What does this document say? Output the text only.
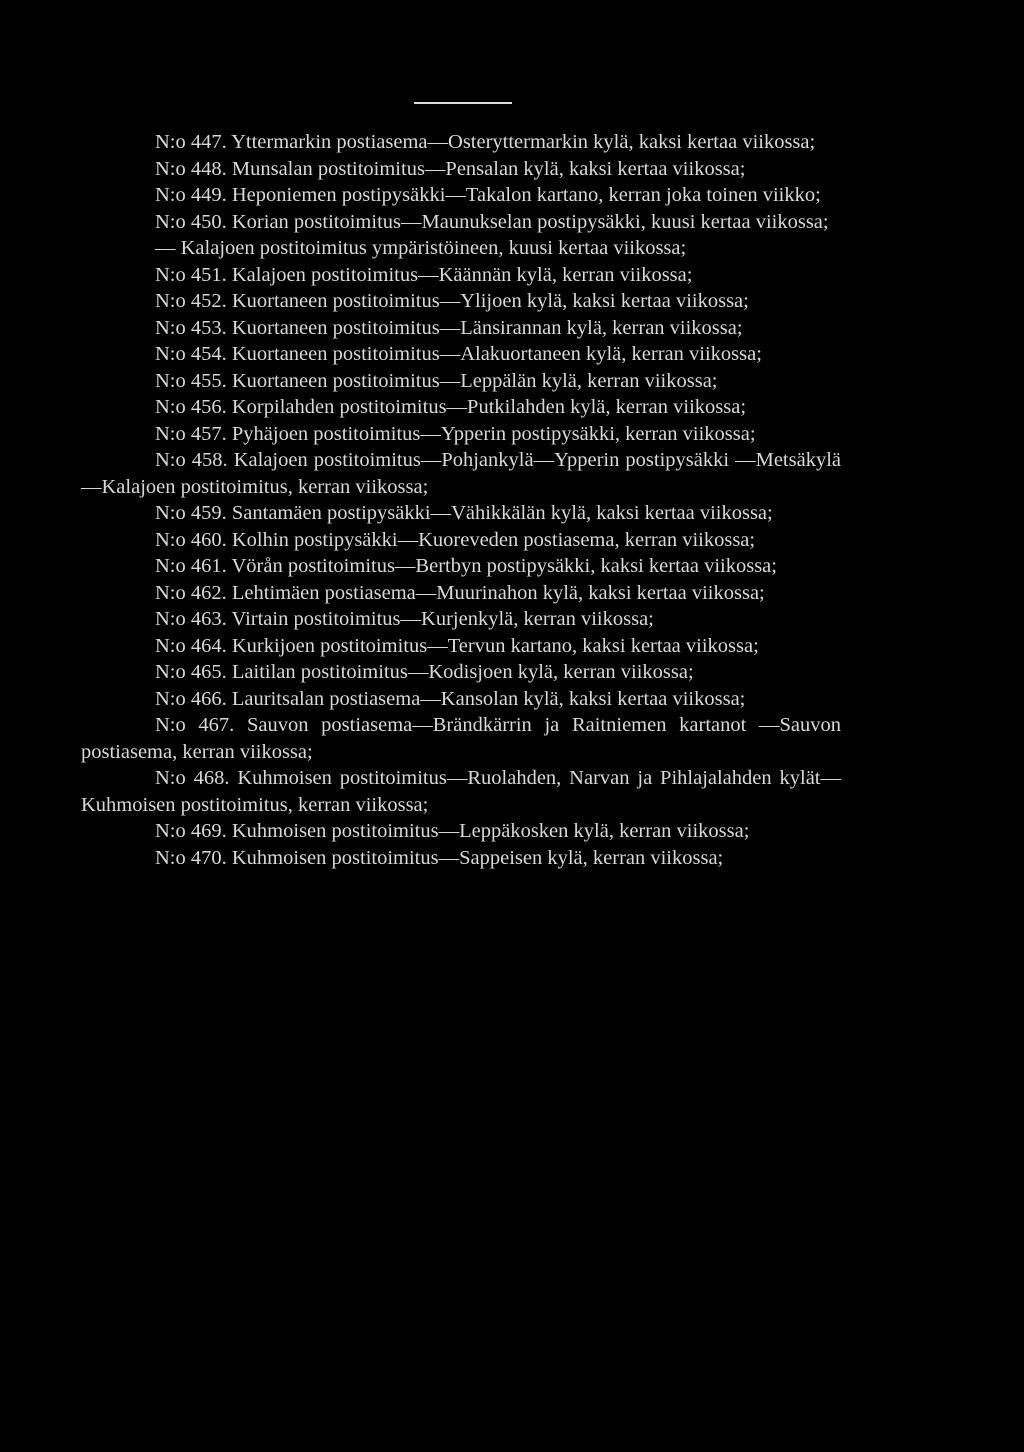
N:o 447. Yttermarkin postiasema—Osteryttermarkin kylä, kaksi kertaa viikossa;

N:o 448. Munsalan postitoimitus—Pensalan kylä, kaksi kertaa viikossa;

N:o 449. Heponiemen postipysäkki—Takalon kartano, kerran joka toinen viikko;

N:o 450. Korian postitoimitus—Maunukselan postipysäkki, kuusi kertaa viikossa;

— Kalajoen postitoimitus ympäristöineen, kuusi kertaa viikossa;

N:o 451. Kalajoen postitoimitus—Käännän kylä, kerran viikossa;

N:o 452. Kuortaneen postitoimitus—Ylijoen kylä, kaksi kertaa viikossa;

N:o 453. Kuortaneen postitoimitus—Länsirannan kylä, kerran viikossa;

N:o 454. Kuortaneen postitoimitus—Alakuortaneen kylä, kerran viikossa;

N:o 455. Kuortaneen postitoimitus—Leppälän kylä, kerran viikossa;

N:o 456. Korpilahden postitoimitus—Putkilahden kylä, kerran viikossa;

N:o 457. Pyhäjoen postitoimitus—Ypperin postipysäkki, kerran viikossa;

N:o 458. Kalajoen postitoimitus—Pohjankylä—Ypperin postipysäkki —Metsäkylä—Kalajoen postitoimitus, kerran viikossa;

N:o 459. Santamäen postipysäkki—Vähikkälän kylä, kaksi kertaa viikossa;

N:o 460. Kolhin postipysäkki—Kuoreveden postiasema, kerran viikossa;

N:o 461. Vörån postitoimitus—Bertbyn postipysäkki, kaksi kertaa viikossa;

N:o 462. Lehtimäen postiasema—Muurinahon kylä, kaksi kertaa viikossa;

N:o 463. Virtain postitoimitus—Kurjenkylä, kerran viikossa;

N:o 464. Kurkijoen postitoimitus—Tervun kartano, kaksi kertaa viikossa;

N:o 465. Laitilan postitoimitus—Kodisjoen kylä, kerran viikossa;

N:o 466. Lauritsalan postiasema—Kansolan kylä, kaksi kertaa viikossa;

N:o 467. Sauvon postiasema—Brändkärrin ja Raitniemen kartanot —Sauvon postiasema, kerran viikossa;

N:o 468. Kuhmoisen postitoimitus—Ruolahden, Narvan ja Pihlajalahden kylät—Kuhmoisen postitoimitus, kerran viikossa;

N:o 469. Kuhmoisen postitoimitus—Leppäkosken kylä, kerran viikossa;

N:o 470. Kuhmoisen postitoimitus—Sappeisen kylä, kerran viikossa;
